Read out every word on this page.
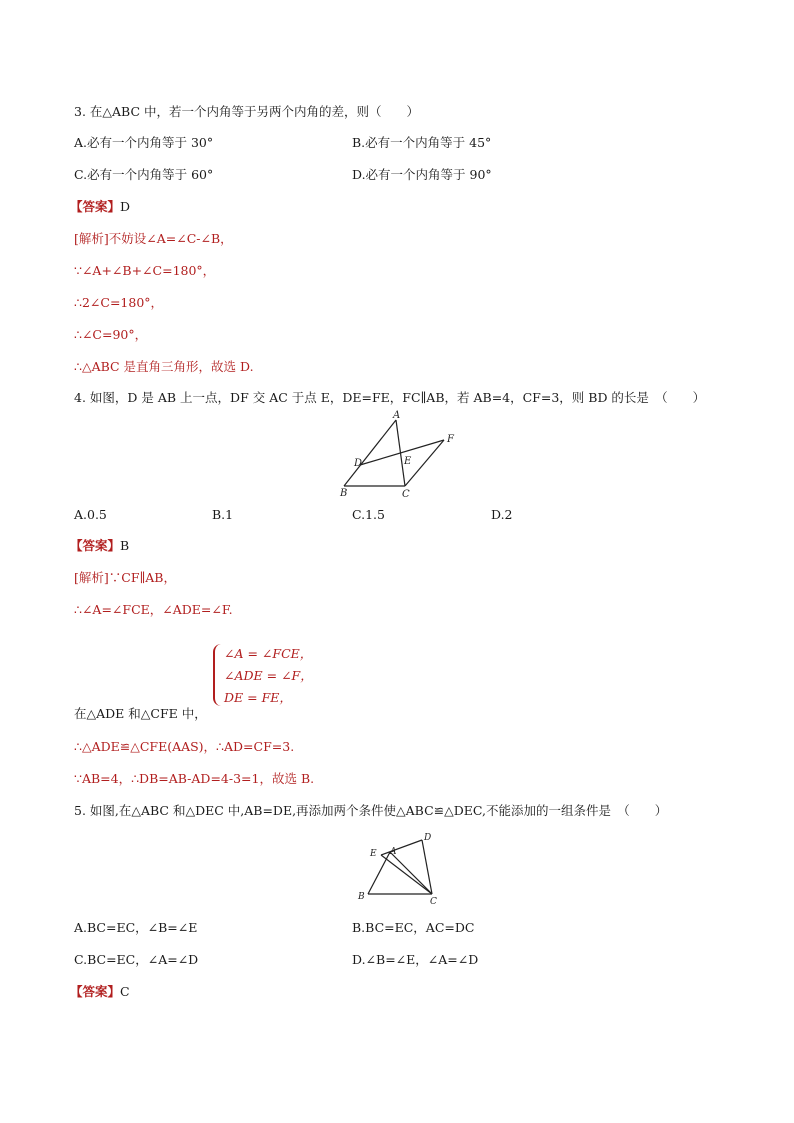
3. 在△ABC 中，若一个内角等于另两个内角的差，则（　　）
A.必有一个内角等于 30°	B.必有一个内角等于 45°
C.必有一个内角等于 60°	D.必有一个内角等于 90°
【答案】D
[解析]不妨设∠A=∠C-∠B，
∵∠A+∠B+∠C=180°，
∴2∠C=180°，
∴∠C=90°，
∴△ABC 是直角三角形，故选 D.
4. 如图，D 是 AB 上一点，DF 交 AC 于点 E，DE=FE，FC∥AB，若 AB=4，CF=3，则 BD 的长是　（　　）
A
F
D	E
B	C
A.0.5	B.1	C.1.5	D.2
【答案】B
[解析]∵CF∥AB，
∴∠A=∠FCE，∠ADE=∠F.
∠A = ∠FCE，
∠ADE = ∠F，
DE = FE，
在△ADE 和△CFE 中，
∴△ADE≌△CFE(AAS)，∴AD=CF=3.
∵AB=4，∴DB=AB-AD=4-3=1，故选 B.
5. 如图,在△ABC 和△DEC 中,AB=DE,再添加两个条件使△ABC≌△DEC,不能添加的一组条件是　（　　）
D
E A
B	C
A.BC=EC，∠B=∠E	B.BC=EC，AC=DC
C.BC=EC，∠A=∠D	D.∠B=∠E，∠A=∠D
【答案】C
